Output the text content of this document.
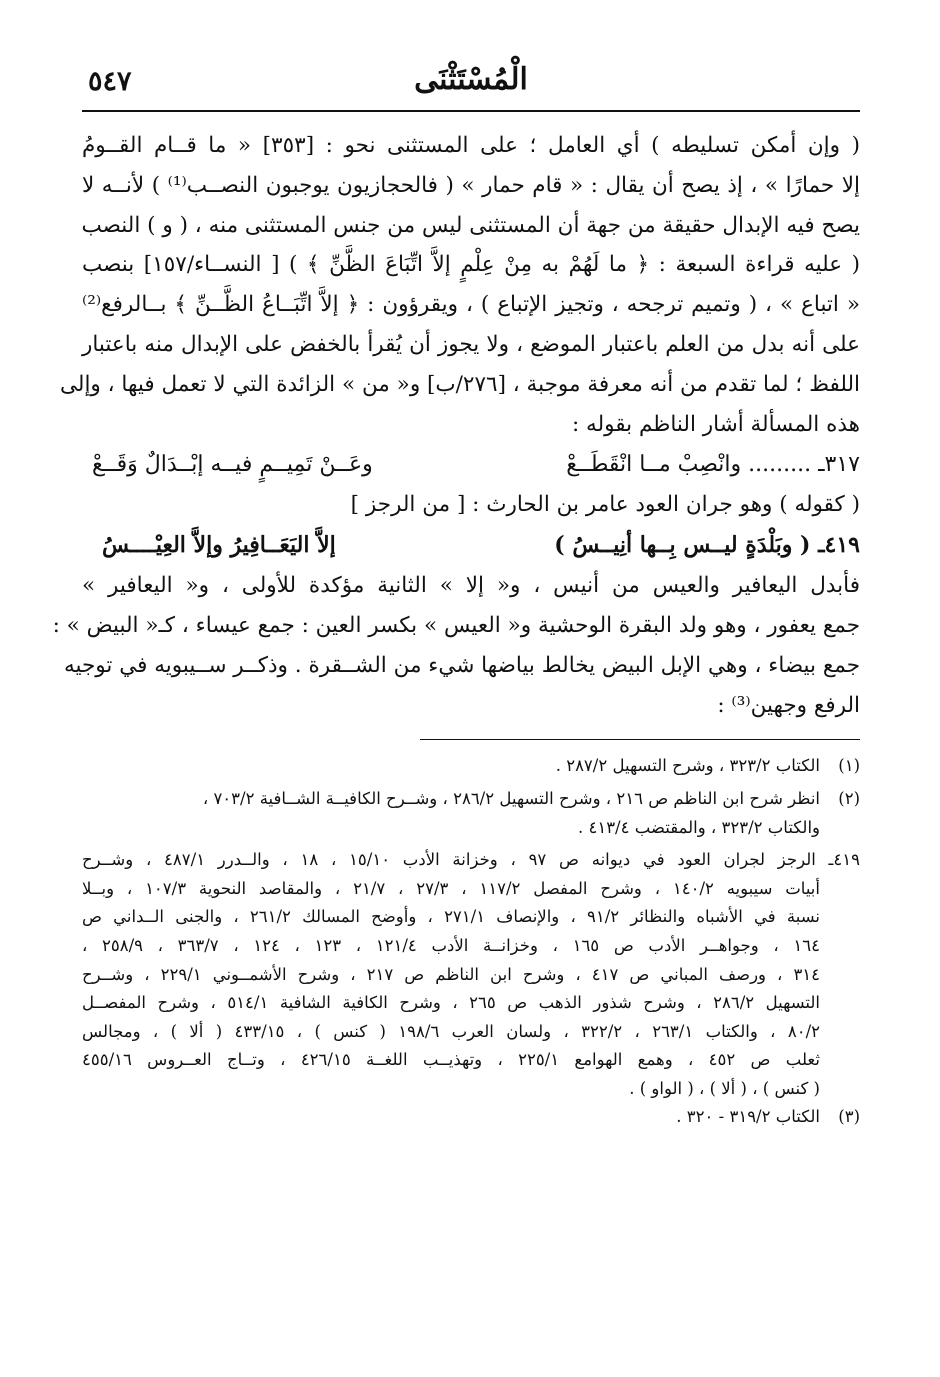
٥٤٧	الْمُسْتَثْنَى
( وإن أمكن تسليطه ) أي العامل ؛ على المستثنى نحو : [٣٥٣] « ما قــام القــومُ
إلا حمارًا » ، إذ يصح أن يقال : « قام حمار » ( فالحجازيون يوجبون النصــب⁽¹⁾ ) لأنــه لا
يصح فيه الإبدال حقيقة من جهة أن المستثنى ليس من جنس المستثنى منه ، ( و ) النصب
( عليه قراءة السبعة : ﴿ ما لَهُمْ به مِنْ عِلْمٍ إلاَّ اتِّبَاعَ الظَّنِّ ﴾ ) [ النســاء/١٥٧] بنصب
« اتباع » ، ( وتميم ترجحه ، وتجيز الإتباع ) ، ويقرؤون : ﴿ إلاَّ اتِّبَــاعُ الظَّــنِّ ﴾ بــالرفع⁽²⁾
على أنه بدل من العلم باعتبار الموضع ، ولا يجوز أن يُقرأ بالخفض على الإبدال منه باعتبار
اللفظ ؛ لما تقدم من أنه معرفة موجبة ، [٢٧٦/ب] و« من » الزائدة التي لا تعمل فيها ، وإلى
هذه المسألة أشار الناظم بقوله :
٣١٧ـ ......... وانْصِبْ مــا انْقَطَــعْ
وعَــنْ تَمِيــمٍ فيــه إبْــدَالٌ وَقَــعْ
( كقوله ) وهو جران العود عامر بن الحارث : [ من الرجز ]
٤١٩ـ ( وبَلْدَةٍ ليــس بِــها أنِيــسُ )
إلاَّ اليَعَــافِيرُ وإلاَّ العِيْــــسُ
فأبدل اليعافير والعيس من أنيس ، و« إلا » الثانية مؤكدة للأولى ، و« اليعافير »
جمع يعفور ، وهو ولد البقرة الوحشية و« العيس » بكسر العين : جمع عيساء ، كـ« البيض » :
جمع بيضاء ، وهي الإبل البيض يخالط بياضها شيء من الشــقرة . وذكــر ســيبويه في توجيه
الرفع وجهين⁽³⁾ :
(١)الكتاب ٣٢٣/٢ ، وشرح التسهيل ٢٨٧/٢ .
(٢)انظر شرح ابن الناظم ص ٢١٦ ، وشرح التسهيل ٢٨٦/٢ ، وشــرح الكافيــة الشــافية ٧٠٣/٢ ،
والكتاب ٣٢٣/٢ ، والمقتضب ٤١٣/٤ .
٤١٩ـ الرجز لجران العود في ديوانه ص ٩٧ ، وخزانة الأدب ١٥/١٠ ، ١٨ ، والــدرر ٤٨٧/١ ، وشــرح
أبيات سيبويه ١٤٠/٢ ، وشرح المفصل ١١٧/٢ ، ٢٧/٣ ، ٢١/٧ ، والمقاصد النحوية ١٠٧/٣ ، وبــلا
نسبة في الأشباه والنظائر ٩١/٢ ، والإنصاف ٢٧١/١ ، وأوضح المسالك ٢٦١/٢ ، والجنى الــداني ص
١٦٤ ، وجواهــر الأدب ص ١٦٥ ، وخزانــة الأدب ١٢١/٤ ، ١٢٣ ، ١٢٤ ، ٣٦٣/٧ ، ٢٥٨/٩ ،
٣١٤ ، ورصف المباني ص ٤١٧ ، وشرح ابن الناظم ص ٢١٧ ، وشرح الأشمــوني ٢٢٩/١ ، وشــرح
التسهيل ٢٨٦/٢ ، وشرح شذور الذهب ص ٢٦٥ ، وشرح الكافية الشافية ٥١٤/١ ، وشرح المفصــل
٨٠/٢ ، والكتاب ٢٦٣/١ ، ٣٢٢/٢ ، ولسان العرب ١٩٨/٦ ( كنس ) ، ٤٣٣/١٥ ( ألا ) ، ومجالس
ثعلب ص ٤٥٢ ، وهمع الهوامع ٢٢٥/١ ، وتهذيــب اللغــة ٤٢٦/١٥ ، وتــاج العــروس ٤٥٥/١٦
( كنس ) ، ( ألا ) ، ( الواو ) .
(٣)الكتاب ٣١٩/٢ - ٣٢٠ .
